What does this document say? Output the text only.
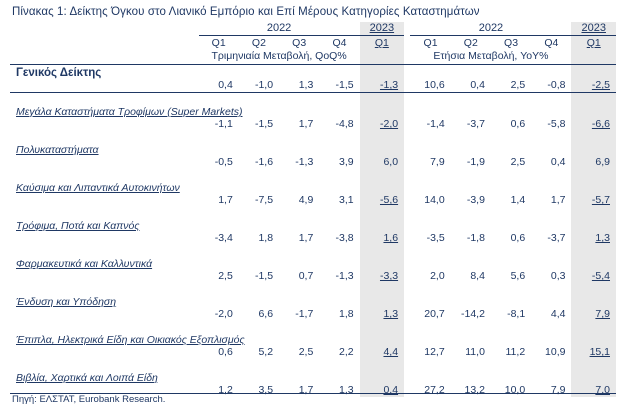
Πίνακας 1: Δείκτης Όγκου στο Λιανικό Εμπόριο και Επί Μέρους Κατηγορίες Καταστημάτων
	2022				2023		2022				2023
	Q1	Q2	Q3	Q4	Q1		Q1	Q2	Q3	Q4	Q1
	Τριμηνιαία Μεταβολή, QoQ%						Ετήσια Μεταβολή, YoY%				
Γενικός Δείκτης											
	0,4	-1,0	1,3	-1,5	-1,3		10,6	0,4	2,5	-0,8	-2,5

Μεγάλα Καταστήματα Τροφίμων (Super Markets)											
	-1,1	-1,5	1,7	-4,8	-2,0		-1,4	-3,7	0,6	-5,8	-6,6

Πολυκαταστήματα											
	-0,5	-1,6	-1,3	3,9	6,0		7,9	-1,9	2,5	0,4	6,9

Καύσιμα και Λιπαντικά Αυτοκινήτων											
	1,7	-7,5	4,9	3,1	-5,6		14,0	-3,9	1,4	1,7	-5,7

Τρόφιμα, Ποτά και Καπνός											
	-3,4	1,8	1,7	-3,8	1,6		-3,5	-1,8	0,6	-3,7	1,3

Φαρμακευτικά και Καλλυντικά											
	2,5	-1,5	0,7	-1,3	-3,3		2,0	8,4	5,6	0,3	-5,4

Ένδυση και Υπόδηση											
	-2,0	6,6	-1,7	1,8	1,3		20,7	-14,2	-8,1	4,4	7,9

Έπιπλα, Ηλεκτρικά Είδη και Οικιακός Εξοπλισμός											
	0,6	5,2	2,5	2,2	4,4		12,7	11,0	11,2	10,9	15,1

Βιβλία, Χαρτικά και Λοιπά Είδη											
	1,2	3,5	1,7	1,3	0,4		27,2	13,2	10,0	7,9	7,0
Πηγή: ΕΛΣΤΑΤ, Eurobank Research.
